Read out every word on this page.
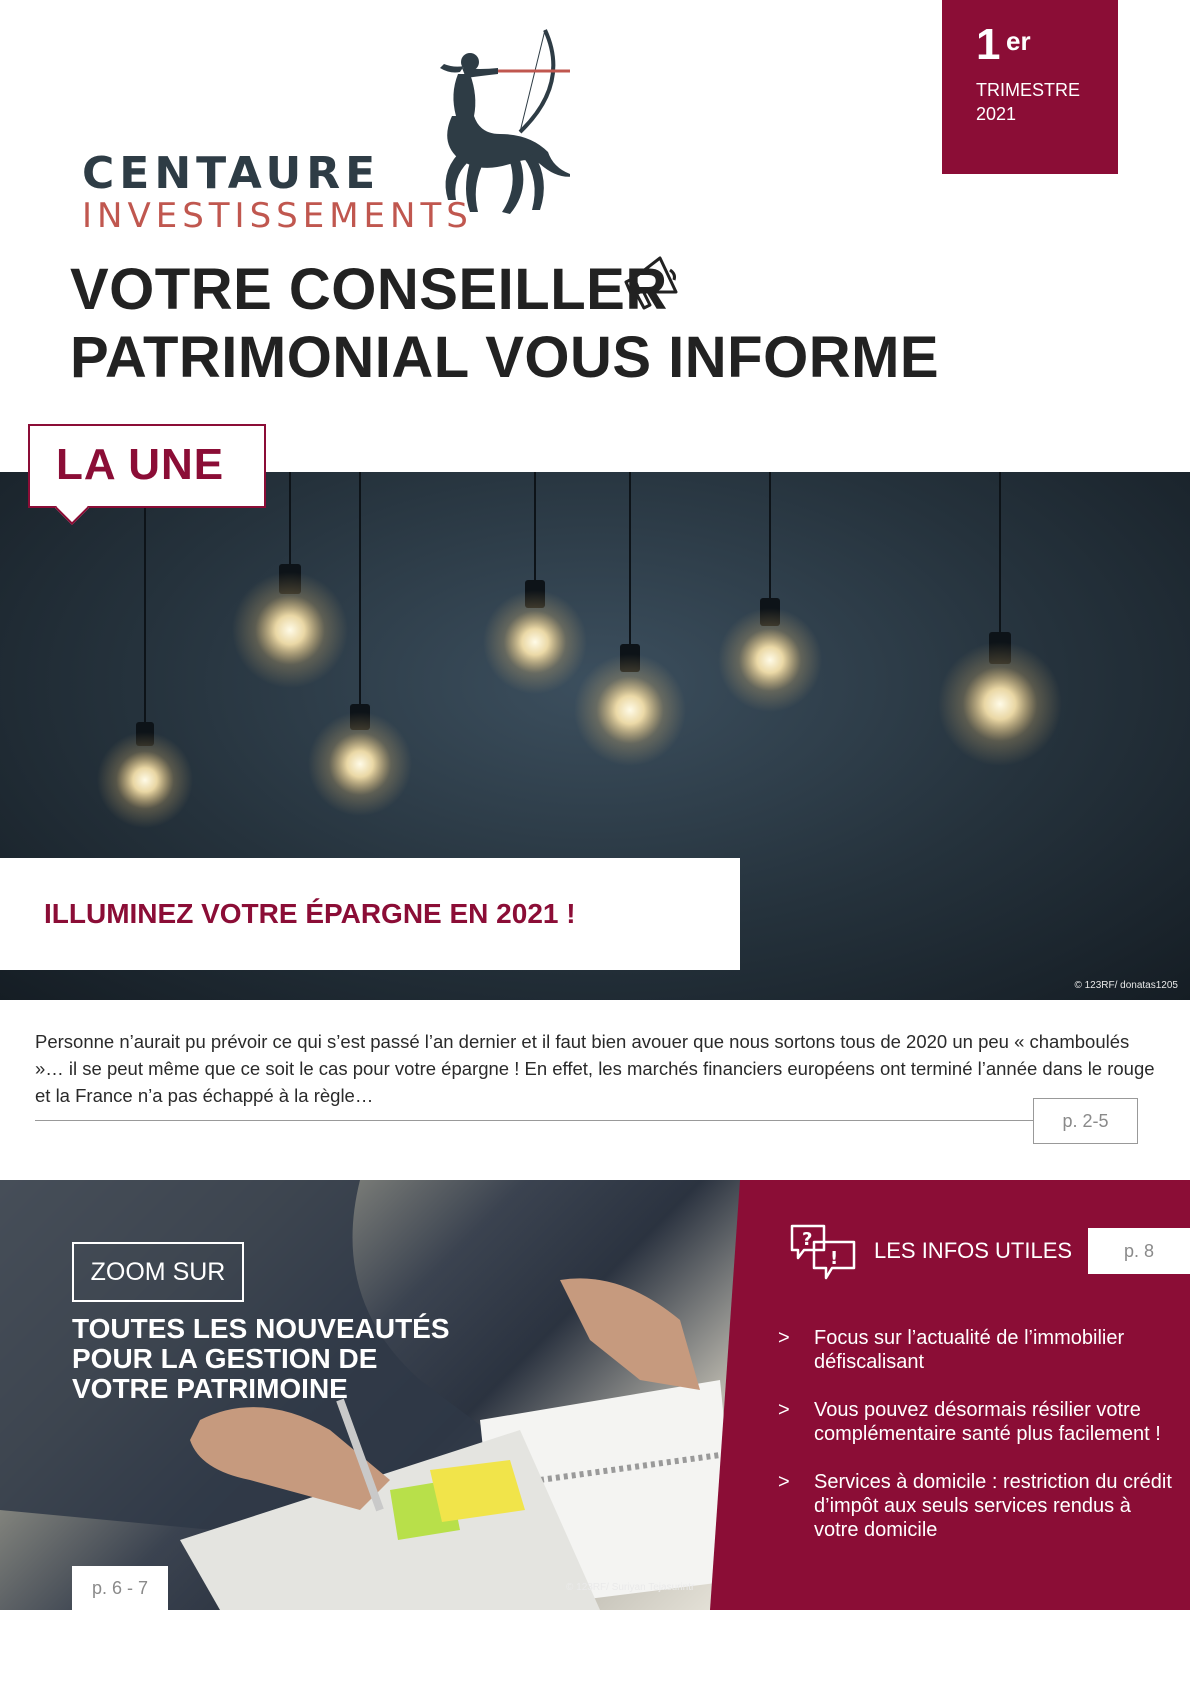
CENTAURE
INVESTISSEMENTS
1 er
TRIMESTRE
2021
VOTRE CONSEILLER
PATRIMONIAL VOUS INFORME
LA UNE
ILLUMINEZ VOTRE ÉPARGNE EN 2021 !
© 123RF/ donatas1205

Personne n’aurait pu prévoir ce qui s’est passé l’an dernier et il faut bien avouer que nous sortons tous de 2020 un peu « chamboulés »… il se peut même que ce soit le cas pour votre épargne ! En effet, les marchés financiers européens ont terminé l’année dans le rouge et la France n’a pas échappé à la règle…

p. 2-5
ZOOM SUR
TOUTES LES NOUVEAUTÉS
POUR LA GESTION DE
VOTRE PATRIMOINE
p. 6 - 7	© 123RF/ Suriyan Tejasurintr
?
! LES INFOS UTILES	p. 8
> Focus sur l’actualité de l’immobilier défiscalisant
> Vous pouvez désormais résilier votre complémentaire santé plus facilement !
> Services à domicile : restriction du crédit d’impôt aux seuls services rendus à votre domicile
